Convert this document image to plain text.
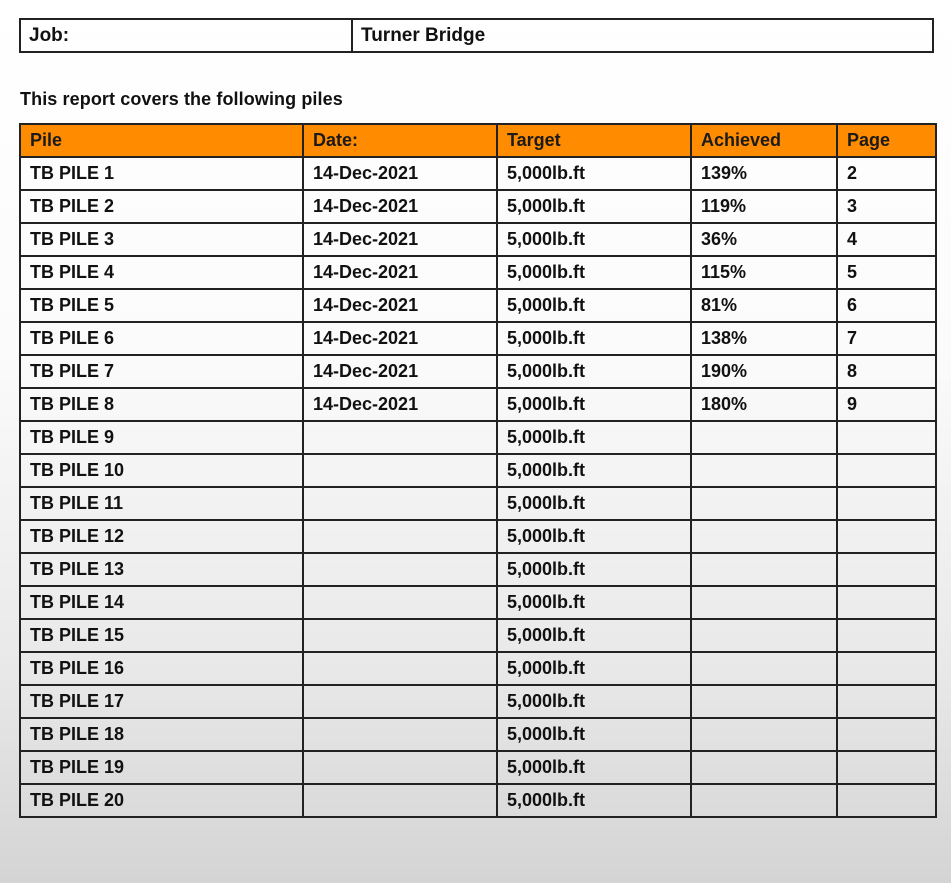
Job:	Turner Bridge
This report covers the following piles
Pile	Date:	Target	Achieved	Page
TB PILE 1	14-Dec-2021	5,000lb.ft	139%	2
TB PILE 2	14-Dec-2021	5,000lb.ft	119%	3
TB PILE 3	14-Dec-2021	5,000lb.ft	36%	4
TB PILE 4	14-Dec-2021	5,000lb.ft	115%	5
TB PILE 5	14-Dec-2021	5,000lb.ft	81%	6
TB PILE 6	14-Dec-2021	5,000lb.ft	138%	7
TB PILE 7	14-Dec-2021	5,000lb.ft	190%	8
TB PILE 8	14-Dec-2021	5,000lb.ft	180%	9
TB PILE 9		5,000lb.ft		
TB PILE 10		5,000lb.ft		
TB PILE 11		5,000lb.ft		
TB PILE 12		5,000lb.ft		
TB PILE 13		5,000lb.ft		
TB PILE 14		5,000lb.ft		
TB PILE 15		5,000lb.ft		
TB PILE 16		5,000lb.ft		
TB PILE 17		5,000lb.ft		
TB PILE 18		5,000lb.ft		
TB PILE 19		5,000lb.ft		
TB PILE 20		5,000lb.ft		
